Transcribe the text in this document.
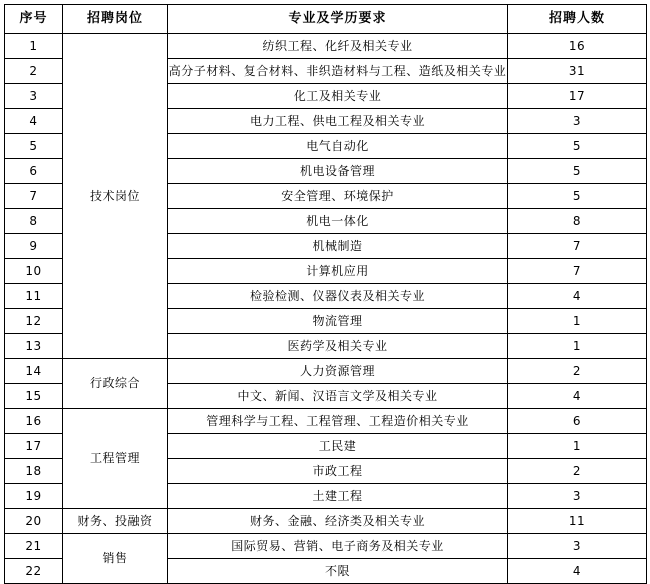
序号	招聘岗位	专业及学历要求	招聘人数
1	技术岗位	纺织工程、化纤及相关专业	16
2		高分子材料、复合材料、非织造材料与工程、造纸及相关专业	31
3		化工及相关专业	17
4		电力工程、供电工程及相关专业	3
5		电气自动化	5
6		机电设备管理	5
7		安全管理、环境保护	5
8		机电一体化	8
9		机械制造	7
10		计算机应用	7
11		检验检测、仪器仪表及相关专业	4
12		物流管理	1
13		医药学及相关专业	1
14	行政综合	人力资源管理	2
15		中文、新闻、汉语言文学及相关专业	4
16	工程管理	管理科学与工程、工程管理、工程造价相关专业	6
17		工民建	1
18		市政工程	2
19		土建工程	3
20	财务、投融资	财务、金融、经济类及相关专业	11
21	销售	国际贸易、营销、电子商务及相关专业	3
22		不限	4
